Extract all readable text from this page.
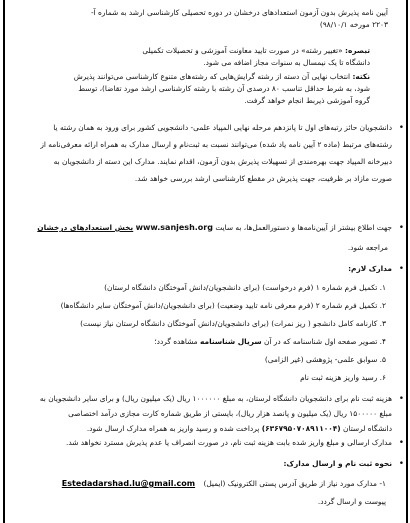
آیین نامه پذیرش بدون آزمون استعدادهای درخشان در دوره تحصیلی کارشناسی ارشد به شماره آ-
۲۲۰۳ مورخه ۹۸/۱۰/۱)
تبصره: «تغییر رشته» در صورت تایید معاونت آموزشی و تحصیلات تکمیلی
دانشگاه تا یک نیمسال به سنوات مجاز اضافه می شود.
نکته: انتخاب نهایی آن دسته از رشته گرایش‌هایی که رشته‌های متنوع کارشناسی می‌توانند پذیرش
شود، به شرط حداقل تناسب ۸۰ درصدی آن رشته با رشته کارشناسی ارشد مورد تقاضا)، توسط
گروه آموزشی ذیربط انجام خواهد گرفت.
•
دانشجویان حائز رتبه‌های اول تا پانزدهم مرحله نهایی المپیاد علمی- دانشجویی کشور برای ورود به همان رشته یا
رشته‌های مرتبط (ماده ۲ آیین نامه یاد شده) می‌توانند نسبت به ثبت‌نام و ارسال مدارک به همراه ارائه معرفی‌نامه از
دبیرخانه المپیاد جهت بهره‌مندی از تسهیلات پذیرش بدون آزمون، اقدام نمایند. مدارک این دسته از دانشجویان به
صورت مازاد بر ظرفیت، جهت پذیرش در مقطع کارشناسی ارشد بررسی خواهد شد.
•
جهت اطلاع بیشتر از آیین‌نامه‌ها و دستورالعمل‌ها، به سایت www.sanjesh.org بخش استعدادهای درخشان
مراجعه شود.
•
مدارک لازم:
۱. تکمیل فرم شماره ۱ (فرم درخواست) (برای دانشجویان/دانش آموختگان دانشگاه لرستان)
۲. تکمیل فرم شماره ۲ (فرم معرفی نامه تایید وضعیت) (برای دانشجویان/دانش آموختگان سایر دانشگاه‌ها)
۳. کارنامه کامل دانشجو ( ریز نمرات) (برای دانشجویان/دانش آموختگان دانشگاه لرستان نیاز نیست)
۴. تصویر صفحه اول شناسنامه که در آن سریال شناسنامه مشاهده گردد؛
۵. سوابق علمی- پژوهشی (غیر الزامی)
۶. رسید واریز هزینه ثبت نام
•
هزینه ثبت نام برای دانشجویان دانشگاه لرستان، به مبلغ ۱۰۰۰۰۰۰ ریال (یک میلیون ریال) و برای سایر دانشجویان به
مبلغ ۱۵۰۰۰۰۰ ریال (یک میلیون و پانصد هزار ریال)، بایستی از طریق شماره کارت مجازی درآمد اختصاصی
دانشگاه لرستان (۶۳۶۷۹۵۰۷۰۸۹۱۱۰۰۴) پرداخت شده و رسید واریز به همراه مدارک ارسال شود.
•
مدارک ارسالی و مبلغ واریز شده بابت هزینه ثبت نام، در صورت انصراف یا عدم پذیرش مسترد نخواهد شد.
•
نحوه ثبت نام و ارسال مدارک:
۱- مدارک مورد نیاز از طریق آدرس پستی الکترونیک (ایمیل) Estedadarshad.lu@gmail.com
پیوست و ارسال گردد.
